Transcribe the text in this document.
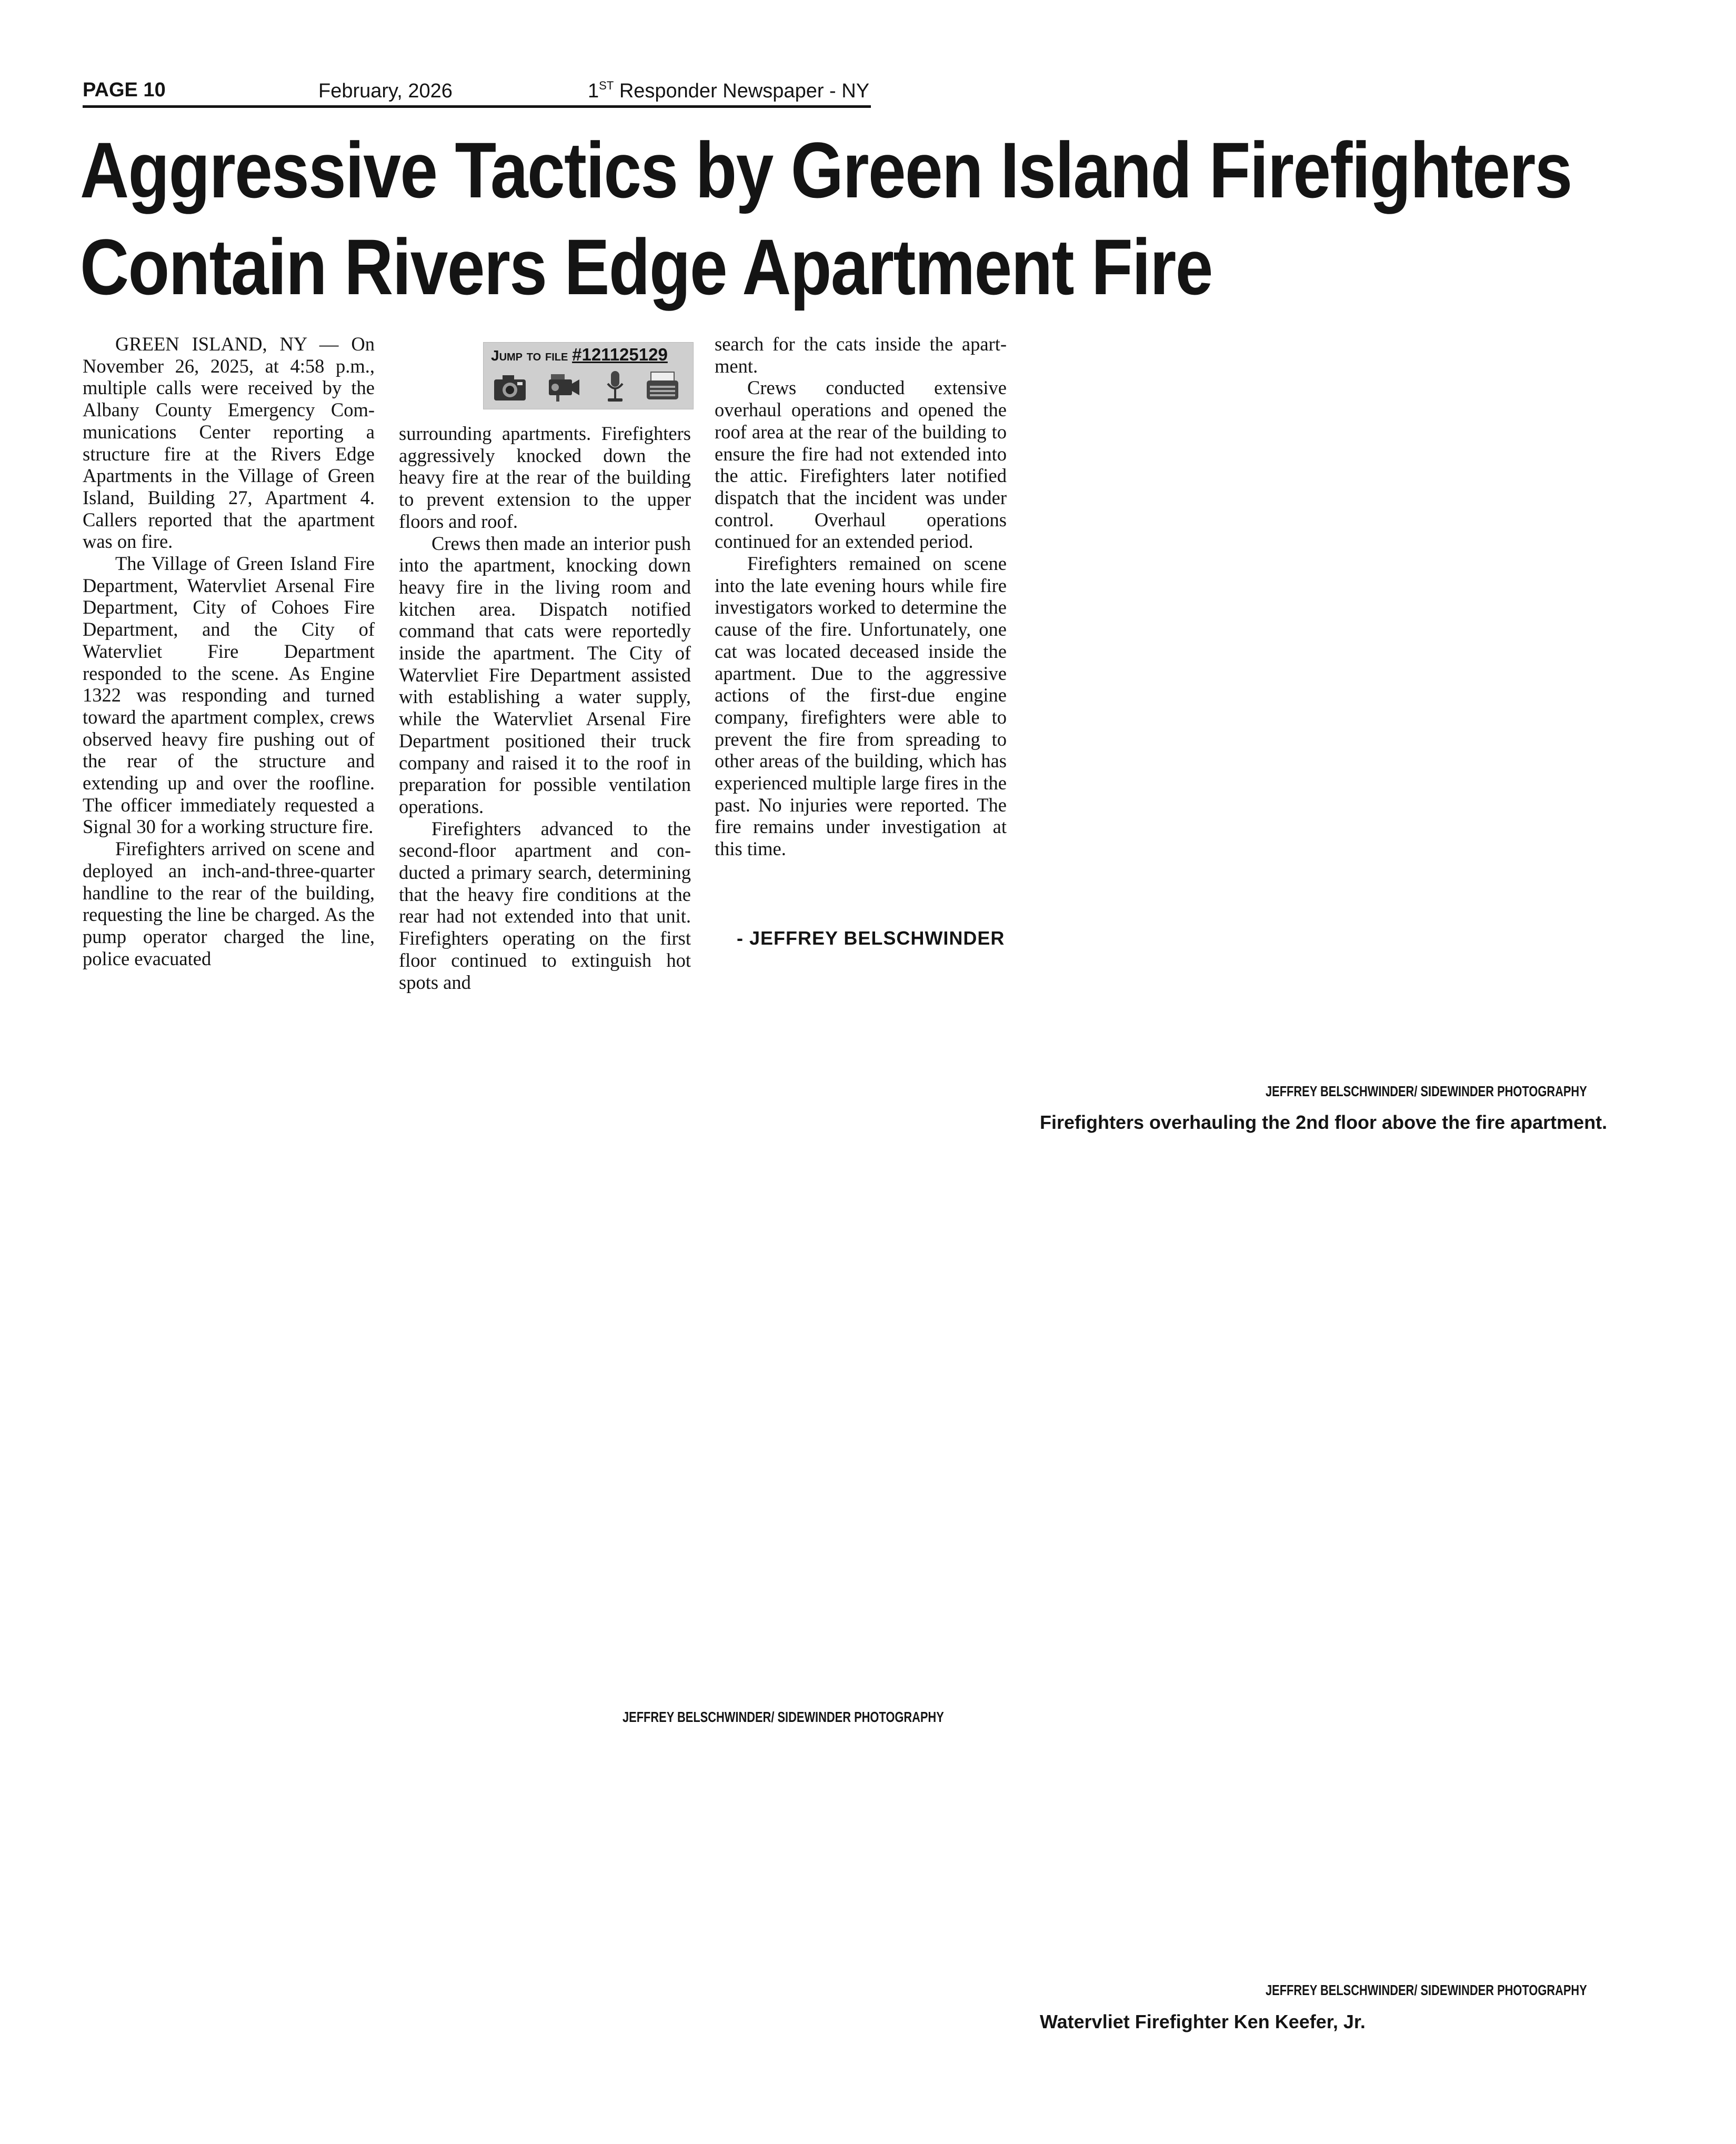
PAGE 10	February, 2026	1ST Responder Newspaper - NY
Aggressive Tactics by Green Island Firefighters
Contain Rivers Edge Apartment Fire

GREEN ISLAND, NY — On November 26, 2025, at 4:58 p.m., multiple calls were received by the Albany County Emergency Communications Center reporting a structure fire at the Rivers Edge Apartments in the Village of Green Island, Building 27, Apartment 4. Callers reported that the apartment was on fire.

The Village of Green Island Fire Department, Watervliet Arsenal Fire Department, City of Cohoes Fire Department, and the City of Watervliet Fire Department responded to the scene. As Engine 1322 was responding and turned toward the apartment complex, crews observed heavy fire pushing out of the rear of the structure and extending up and over the roofline. The officer immediately requested a Signal 30 for a working structure fire.

Firefighters arrived on scene and deployed an inch-and-three-quarter handline to the rear of the building, requesting the line be charged. As the pump operator charged the line, police evacuated

Jump to file #121125129

surrounding apartments. Firefighters aggressively knocked down the heavy fire at the rear of the building to prevent extension to the upper floors and roof.

Crews then made an interior push into the apartment, knocking down heavy fire in the living room and kitchen area. Dispatch notified command that cats were reportedly inside the apartment. The City of Watervliet Fire Department assisted with establishing a water supply, while the Watervliet Arsenal Fire Department positioned their truck company and raised it to the roof in preparation for possible ventilation operations.

Firefighters advanced to the second-floor apartment and conducted a primary search, determining that the heavy fire conditions at the rear had not extended into that unit. Firefighters operating on the first floor continued to extinguish hot spots and

search for the cats inside the apartment.

Crews conducted extensive overhaul operations and opened the roof area at the rear of the building to ensure the fire had not extended into the attic. Firefighters later notified dispatch that the incident was under control. Overhaul operations continued for an extended period.

Firefighters remained on scene into the late evening hours while fire investigators worked to determine the cause of the fire. Unfortunately, one cat was located deceased inside the apartment. Due to the aggressive actions of the first-due engine company, firefighters were able to prevent the fire from spreading to other areas of the building, which has experienced multiple large fires in the past. No injuries were reported. The fire remains under investigation at this time.

- JEFFREY BELSCHWINDER
JEFFREY BELSCHWINDER/ SIDEWINDER PHOTOGRAPHY
Firefighters overhauling the 2nd floor above the fire apartment.
JEFFREY BELSCHWINDER/ SIDEWINDER PHOTOGRAPHY
JEFFREY BELSCHWINDER/ SIDEWINDER PHOTOGRAPHY
Watervliet Firefighter Ken Keefer, Jr.
